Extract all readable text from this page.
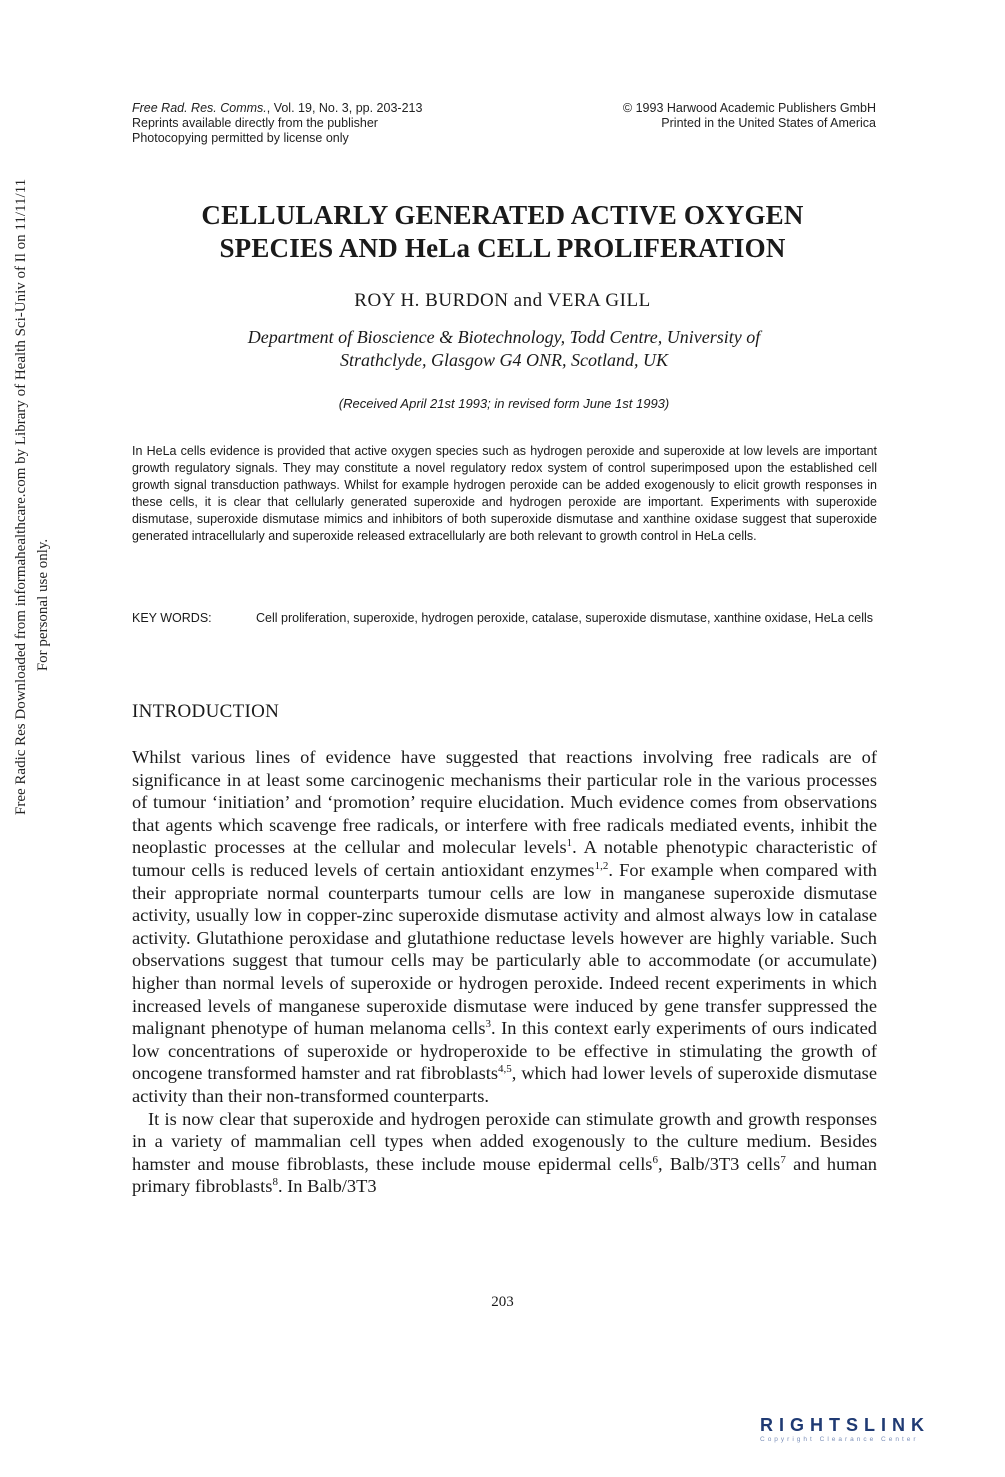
Free Radic Res Downloaded from informahealthcare.com by Library of Health Sci-Univ of Il on 11/11/11 For personal use only.
Free Rad. Res. Comms., Vol. 19, No. 3, pp. 203-213
Reprints available directly from the publisher
Photocopying permitted by license only
© 1993 Harwood Academic Publishers GmbH
Printed in the United States of America
CELLULARLY GENERATED ACTIVE OXYGEN
SPECIES AND HeLa CELL PROLIFERATION
ROY H. BURDON and VERA GILL
Department of Bioscience & Biotechnology, Todd Centre, University of
Strathclyde, Glasgow G4 ONR, Scotland, UK
(Received April 21st 1993; in revised form June 1st 1993)
In HeLa cells evidence is provided that active oxygen species such as hydrogen peroxide and superoxide at low levels are important growth regulatory signals. They may constitute a novel regulatory redox system of control superimposed upon the established cell growth signal transduction pathways. Whilst for example hydrogen peroxide can be added exogenously to elicit growth responses in these cells, it is clear that cellularly generated superoxide and hydrogen peroxide are important. Experiments with superoxide dismutase, superoxide dismutase mimics and inhibitors of both superoxide dismutase and xanthine oxidase suggest that superoxide generated intracellularly and superoxide released extracellularly are both relevant to growth control in HeLa cells.
KEY WORDS:	Cell proliferation, superoxide, hydrogen peroxide, catalase, superoxide dismutase, xanthine oxidase, HeLa cells
INTRODUCTION

Whilst various lines of evidence have suggested that reactions involving free radicals are of significance in at least some carcinogenic mechanisms their particular role in the various processes of tumour ‘initiation’ and ‘promotion’ require elucidation. Much evidence comes from observations that agents which scavenge free radicals, or interfere with free radicals mediated events, inhibit the neoplastic processes at the cellular and molecular levels$^1$. A notable phenotypic characteristic of tumour cells is reduced levels of certain antioxidant enzymes$^{1,2}$. For example when compared with their appropriate normal counterparts tumour cells are low in manganese superoxide dismutase activity, usually low in copper-zinc superoxide dismutase activity and almost always low in catalase activity. Glutathione peroxidase and glutathione reductase levels however are highly variable. Such observations suggest that tumour cells may be particularly able to accommodate (or accumulate) higher than normal levels of superoxide or hydrogen peroxide. Indeed recent experiments in which increased levels of manganese superoxide dismutase were induced by gene transfer suppressed the malignant phenotype of human melanoma cells$^3$. In this context early experiments of ours indicated low concentrations of superoxide or hydroperoxide to be effective in stimulating the growth of oncogene transformed hamster and rat fibroblasts$^{4,5}$, which had lower levels of superoxide dismutase activity than their non-transformed counterparts.

It is now clear that superoxide and hydrogen peroxide can stimulate growth and growth responses in a variety of mammalian cell types when added exogenously to the culture medium. Besides hamster and mouse fibroblasts, these include mouse epidermal cells$^6$, Balb/3T3 cells$^7$ and human primary fibroblasts$^8$. In Balb/3T3

203
RIGHTSLINK
Copyright Clearance Center
